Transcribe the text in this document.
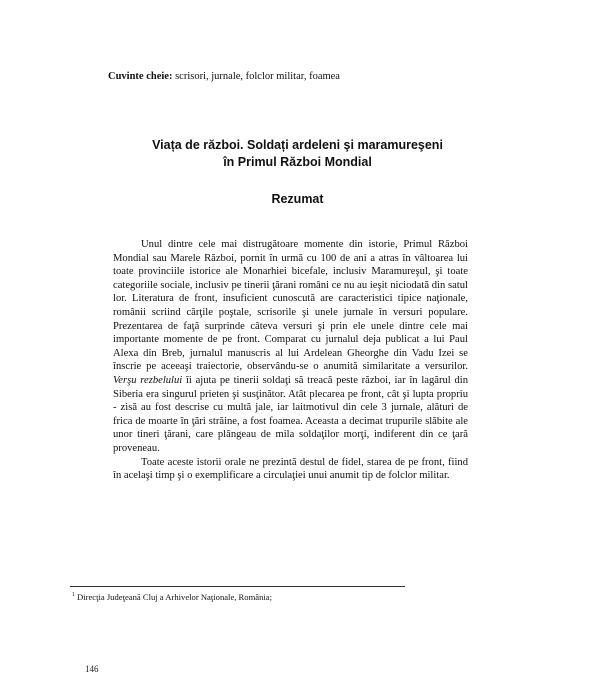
Cuvinte cheie: scrisori, jurnale, folclor militar, foamea
Viața de război. Soldați ardeleni şi maramureşeni
în Primul Război Mondial
Rezumat

Unul dintre cele mai distrugătoare momente din istorie, Primul Război Mondial sau Marele Război, pornit în urmă cu 100 de ani a atras în vâltoarea lui toate provinciile istorice ale Monarhiei bicefale, inclusiv Maramureşul, şi toate categoriile sociale, inclusiv pe tinerii ţărani români ce nu au ieşit niciodată din satul lor. Literatura de front, insuficient cunoscută are caracteristici tipice naţionale, românii scriind cărţile poştale, scrisorile şi unele jurnale în versuri populare. Prezentarea de faţă surprinde câteva versuri şi prin ele unele dintre cele mai importante momente de pe front. Comparat cu jurnalul deja publicat a lui Paul Alexa din Breb, jurnalul manuscris al lui Ardelean Gheorghe din Vadu Izei se înscrie pe aceeaşi traiectorie, observându-se o anumită similaritate a versurilor. Verşu rezbelului îi ajuta pe tinerii soldaţi să treacă peste război, iar în lagărul din Siberia era singurul prieten şi susţinător. Atât plecarea pe front, cât şi lupta propriu - zisă au fost descrise cu multă jale, iar laitmotivul din cele 3 jurnale, alături de frica de moarte în ţări străine, a fost foamea. Aceasta a decimat trupurile slăbite ale unor tineri ţărani, care plângeau de mila soldaţilor morţi, indiferent din ce ţară proveneau.

Toate aceste istorii orale ne prezintă destul de fidel, starea de pe front, fiind în acelaşi timp şi o exemplificare a circulaţiei unui anumit tip de folclor militar.

$^1$ Direcţia Judeţeană Cluj a Arhivelor Naţionale, România;
146
